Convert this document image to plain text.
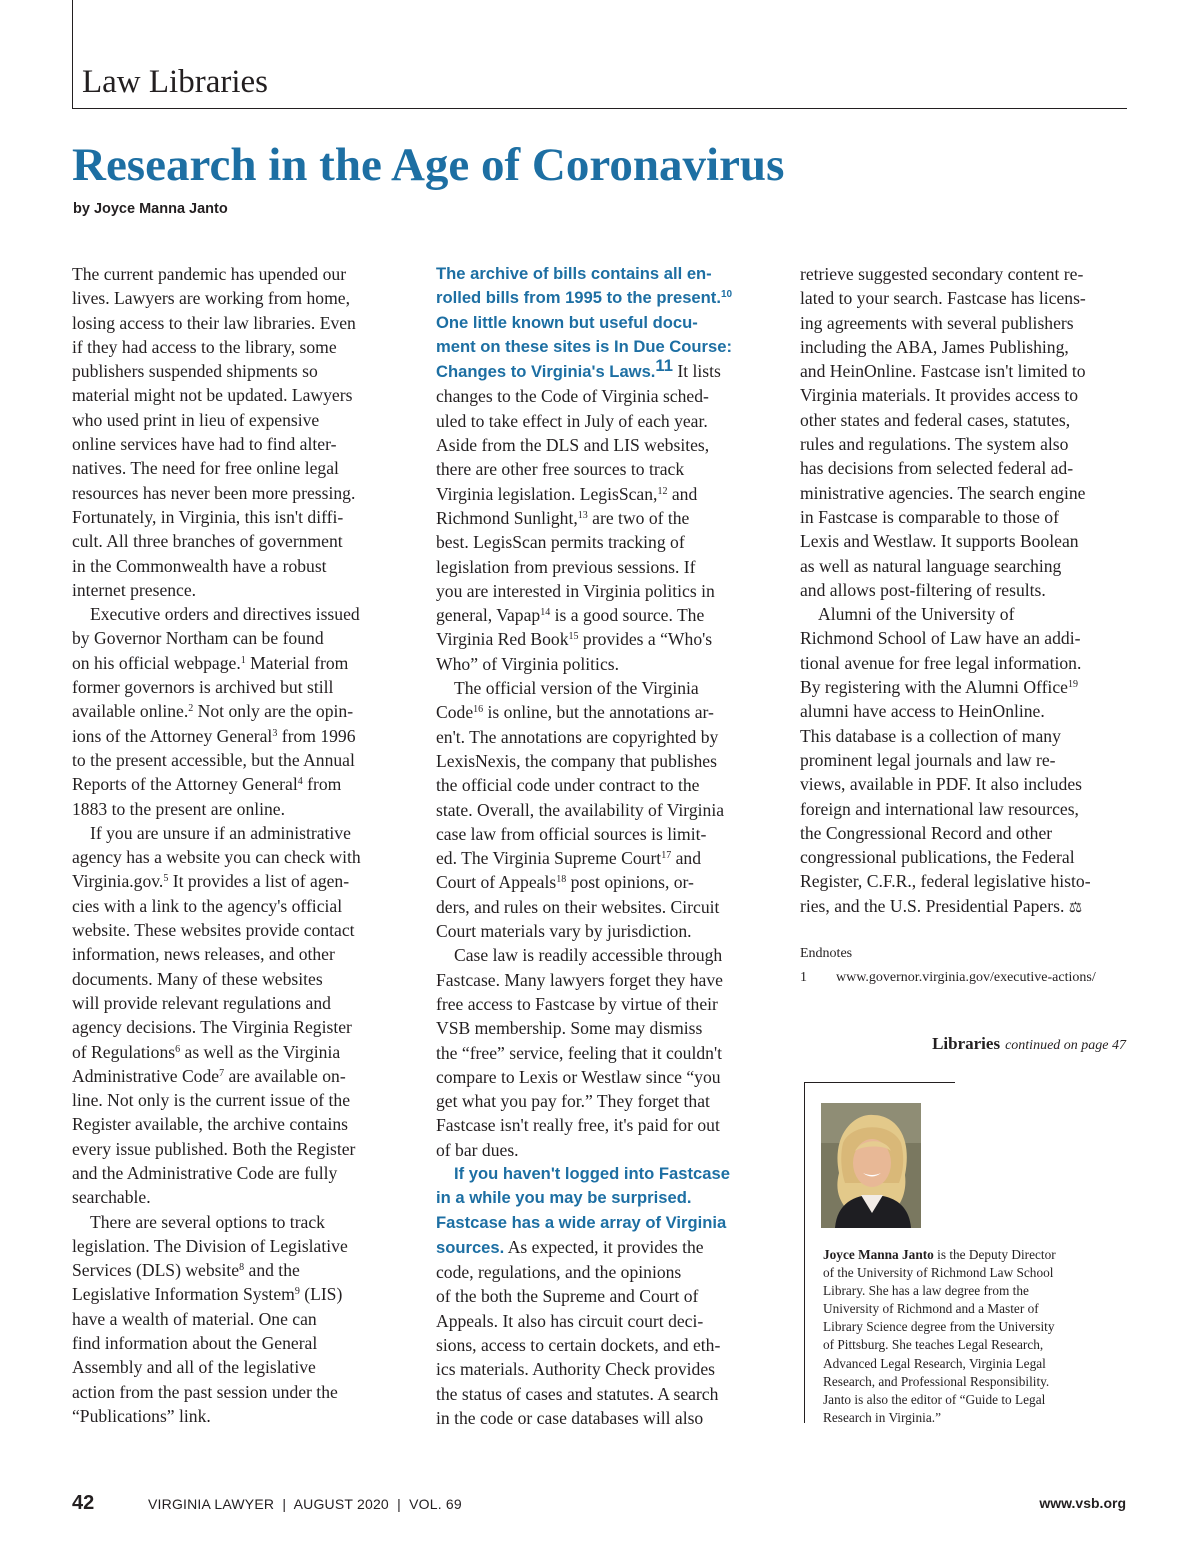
Law Libraries
Research in the Age of Coronavirus
by Joyce Manna Janto

The current pandemic has upended our
lives. Lawyers are working from home,
losing access to their law libraries. Even
if they had access to the library, some
publishers suspended shipments so
material might not be updated. Lawyers
who used print in lieu of expensive
online services have had to find alter-
natives. The need for free online legal
resources has never been more pressing.
Fortunately, in Virginia, this isn't diffi-
cult. All three branches of government
in the Commonwealth have a robust
internet presence.

Executive orders and directives issued
by Governor Northam can be found
on his official webpage.$^1$ Material from
former governors is archived but still
available online.$^2$ Not only are the opin-
ions of the Attorney General$^3$ from 1996
to the present accessible, but the Annual
Reports of the Attorney General$^4$ from
1883 to the present are online.

If you are unsure if an administrative
agency has a website you can check with
Virginia.gov.$^5$ It provides a list of agen-
cies with a link to the agency's official
website. These websites provide contact
information, news releases, and other
documents. Many of these websites
will provide relevant regulations and
agency decisions. The Virginia Register
of Regulations$^6$ as well as the Virginia
Administrative Code$^7$ are available on-
line. Not only is the current issue of the
Register available, the archive contains
every issue published. Both the Register
and the Administrative Code are fully
searchable.

There are several options to track
legislation. The Division of Legislative
Services (DLS) website$^8$ and the
Legislative Information System$^9$ (LIS)
have a wealth of material. One can
find information about the General
Assembly and all of the legislative
action from the past session under the
“Publications” link.

The archive of bills contains all en-
rolled bills from 1995 to the present.$^{10}$
One little known but useful docu-
ment on these sites is In Due Course:
Changes to Virginia's Laws.$^{11}$ It lists
changes to the Code of Virginia sched-
uled to take effect in July of each year.
Aside from the DLS and LIS websites,
there are other free sources to track
Virginia legislation. LegisScan,$^{12}$ and
Richmond Sunlight,$^{13}$ are two of the
best. LegisScan permits tracking of
legislation from previous sessions. If
you are interested in Virginia politics in
general, Vapap$^{14}$ is a good source. The
Virginia Red Book$^{15}$ provides a “Who's
Who” of Virginia politics.

The official version of the Virginia
Code$^{16}$ is online, but the annotations ar-
en't. The annotations are copyrighted by
LexisNexis, the company that publishes
the official code under contract to the
state. Overall, the availability of Virginia
case law from official sources is limit-
ed. The Virginia Supreme Court$^{17}$ and
Court of Appeals$^{18}$ post opinions, or-
ders, and rules on their websites. Circuit
Court materials vary by jurisdiction.

Case law is readily accessible through
Fastcase. Many lawyers forget they have
free access to Fastcase by virtue of their
VSB membership. Some may dismiss
the “free” service, feeling that it couldn't
compare to Lexis or Westlaw since “you
get what you pay for.” They forget that
Fastcase isn't really free, it's paid for out
of bar dues.

If you haven't logged into Fastcase
in a while you may be surprised.
Fastcase has a wide array of Virginia
sources. As expected, it provides the
code, regulations, and the opinions
of the both the Supreme and Court of
Appeals. It also has circuit court deci-
sions, access to certain dockets, and eth-
ics materials. Authority Check provides
the status of cases and statutes. A search
in the code or case databases will also

retrieve suggested secondary content re-
lated to your search. Fastcase has licens-
ing agreements with several publishers
including the ABA, James Publishing,
and HeinOnline. Fastcase isn't limited to
Virginia materials. It provides access to
other states and federal cases, statutes,
rules and regulations. The system also
has decisions from selected federal ad-
ministrative agencies. The search engine
in Fastcase is comparable to those of
Lexis and Westlaw. It supports Boolean
as well as natural language searching
and allows post-filtering of results.

Alumni of the University of
Richmond School of Law have an addi-
tional avenue for free legal information.
By registering with the Alumni Office$^{19}$
alumni have access to HeinOnline.
This database is a collection of many
prominent legal journals and law re-
views, available in PDF. It also includes
foreign and international law resources,
the Congressional Record and other
congressional publications, the Federal
Register, C.F.R., federal legislative histo-
ries, and the U.S. Presidential Papers. ⚖

Endnotes
1 www.governor.virginia.gov/executive-actions/
Libraries continued on page 47
Joyce Manna Janto is the Deputy Director
of the University of Richmond Law School
Library. She has a law degree from the
University of Richmond and a Master of
Library Science degree from the University
of Pittsburg. She teaches Legal Research,
Advanced Legal Research, Virginia Legal
Research, and Professional Responsibility.
Janto is also the editor of “Guide to Legal
Research in Virginia.”
42	VIRGINIA LAWYER  |  AUGUST 2020  |  VOL. 69	www.vsb.org
